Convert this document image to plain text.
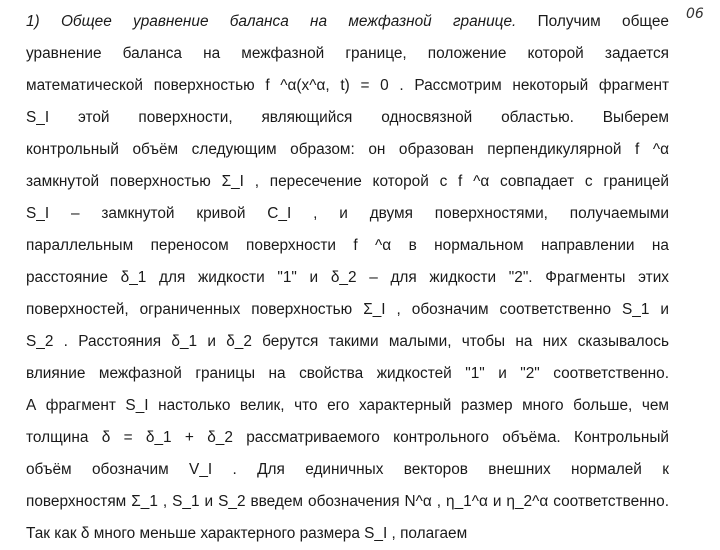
06
1) Общее уравнение баланса на межфазной границе. Получим общее
уравнение баланса на межфазной границе, положение которой задается
математической поверхностью f ^α(x^α, t) = 0 . Рассмотрим некоторый фрагмент
S_I этой поверхности, являющийся односвязной областью. Выберем
контрольный объём следующим образом: он образован перпендикулярной f ^α
замкнутой поверхностью Σ_I , пересечение которой с f ^α совпадает с границей
S_I – замкнутой кривой C_I , и двумя поверхностями, получаемыми
параллельным переносом поверхности f ^α в нормальном направлении на
расстояние δ_1 для жидкости "1" и δ_2 – для жидкости "2". Фрагменты этих
поверхностей, ограниченных поверхностью Σ_I , обозначим соответственно S_1 и
S_2 . Расстояния δ_1 и δ_2 берутся такими малыми, чтобы на них сказывалось
влияние межфазной границы на свойства жидкостей "1" и "2" соответственно.
А фрагмент S_I настолько велик, что его характерный размер много больше, чем
толщина δ = δ_1 + δ_2 рассматриваемого контрольного объёма. Контрольный
объём обозначим V_I . Для единичных векторов внешних нормалей к
поверхностям Σ_1 , S_1 и S_2 введем обозначения N^α , η_1^α и η_2^α соответственно.
Так как δ много меньше характерного размера S_I , полагаем
